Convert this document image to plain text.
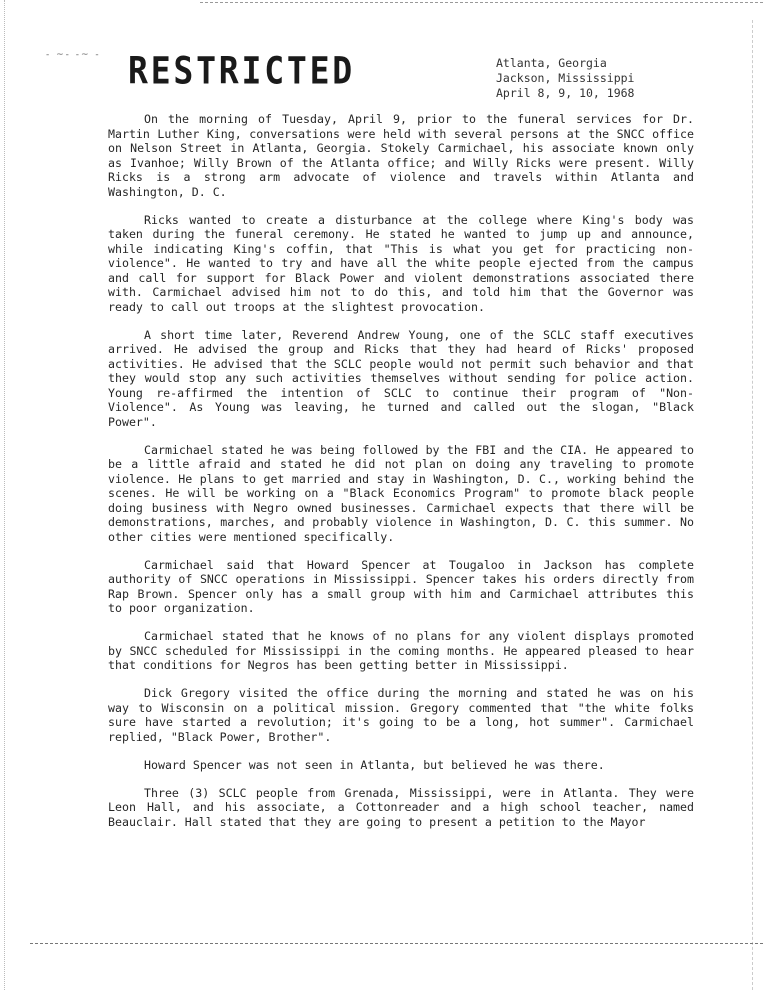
- ~- -~ - RESTRICTED	Atlanta, Georgia
Jackson, Mississippi
April 8, 9, 10, 1968

On the morning of Tuesday, April 9, prior to the funeral services for Dr. Martin Luther King, conversations were held with several persons at the SNCC office on Nelson Street in Atlanta, Georgia. Stokely Carmichael, his associate known only as Ivanhoe; Willy Brown of the Atlanta office; and Willy Ricks were present. Willy Ricks is a strong arm advocate of violence and travels within Atlanta and Washington, D. C.

Ricks wanted to create a disturbance at the college where King's body was taken during the funeral ceremony. He stated he wanted to jump up and announce, while indicating King's coffin, that "This is what you get for practicing non-violence". He wanted to try and have all the white people ejected from the campus and call for support for Black Power and violent demonstrations associated there with. Carmichael advised him not to do this, and told him that the Governor was ready to call out troops at the slightest provocation.

A short time later, Reverend Andrew Young, one of the SCLC staff executives arrived. He advised the group and Ricks that they had heard of Ricks' proposed activities. He advised that the SCLC people would not permit such behavior and that they would stop any such activities themselves without sending for police action. Young re-affirmed the intention of SCLC to continue their program of "Non-Violence". As Young was leaving, he turned and called out the slogan, "Black Power".

Carmichael stated he was being followed by the FBI and the CIA. He appeared to be a little afraid and stated he did not plan on doing any traveling to promote violence. He plans to get married and stay in Washington, D. C., working behind the scenes. He will be working on a "Black Economics Program" to promote black people doing business with Negro owned businesses. Carmichael expects that there will be demonstrations, marches, and probably violence in Washington, D. C. this summer. No other cities were mentioned specifically.

Carmichael said that Howard Spencer at Tougaloo in Jackson has complete authority of SNCC operations in Mississippi. Spencer takes his orders directly from Rap Brown. Spencer only has a small group with him and Carmichael attributes this to poor organization.

Carmichael stated that he knows of no plans for any violent displays promoted by SNCC scheduled for Mississippi in the coming months. He appeared pleased to hear that conditions for Negros has been getting better in Mississippi.

Dick Gregory visited the office during the morning and stated he was on his way to Wisconsin on a political mission. Gregory commented that "the white folks sure have started a revolution; it's going to be a long, hot summer". Carmichael replied, "Black Power, Brother".

Howard Spencer was not seen in Atlanta, but believed he was there.

Three (3) SCLC people from Grenada, Mississippi, were in Atlanta. They were Leon Hall, and his associate, a Cottonreader and a high school teacher, named Beauclair. Hall stated that they are going to present a petition to the Mayor
